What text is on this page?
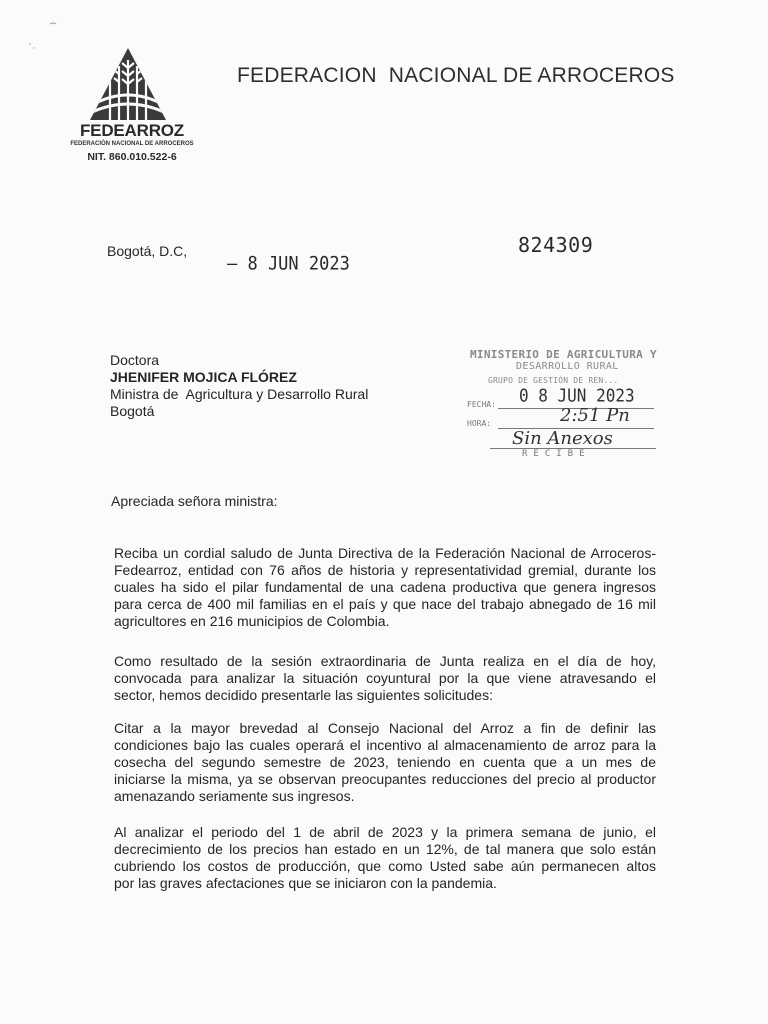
FEDEARROZ
FEDERACIÓN NACIONAL DE ARROCEROS
NIT. 860.010.522-6
FEDERACION  NACIONAL DE ARROCEROS
Bogotá, D.C,
– 8 JUN 2023
824309
Doctora
JHENIFER MOJICA FLÓREZ
Ministra de  Agricultura y Desarrollo Rural
Bogotá
MINISTERIO DE AGRICULTURA Y
DESARROLLO RURAL
GRUPO DE GESTIÓN DE REN...
FECHA: 0 8 JUN 2023
HORA:	2:51 Pn
Sin Anexos
RECIBE
Apreciada señora ministra:
Reciba un cordial saludo de Junta Directiva de la Federación Nacional de Arroceros-
Fedearroz, entidad con 76 años de historia y representatividad gremial, durante los
cuales ha sido el pilar fundamental de una cadena productiva que genera ingresos
para cerca de 400 mil familias en el país y que nace del trabajo abnegado de 16 mil
agricultores en 216 municipios de Colombia.
Como resultado de la sesión extraordinaria de Junta realiza en el día de hoy,
convocada para analizar la situación coyuntural por la que viene atravesando el
sector, hemos decidido presentarle las siguientes solicitudes:
Citar a la mayor brevedad al Consejo Nacional del Arroz a fin de definir las
condiciones bajo las cuales operará el incentivo al almacenamiento de arroz para la
cosecha del segundo semestre de 2023, teniendo en cuenta que a un mes de
iniciarse la misma, ya se observan preocupantes reducciones del precio al productor
amenazando seriamente sus ingresos.
Al analizar el periodo del 1 de abril de 2023 y la primera semana de junio, el
decrecimiento de los precios han estado en un 12%, de tal manera que solo están
cubriendo los costos de producción, que como Usted sabe aún permanecen altos
por las graves afectaciones que se iniciaron con la pandemia.
